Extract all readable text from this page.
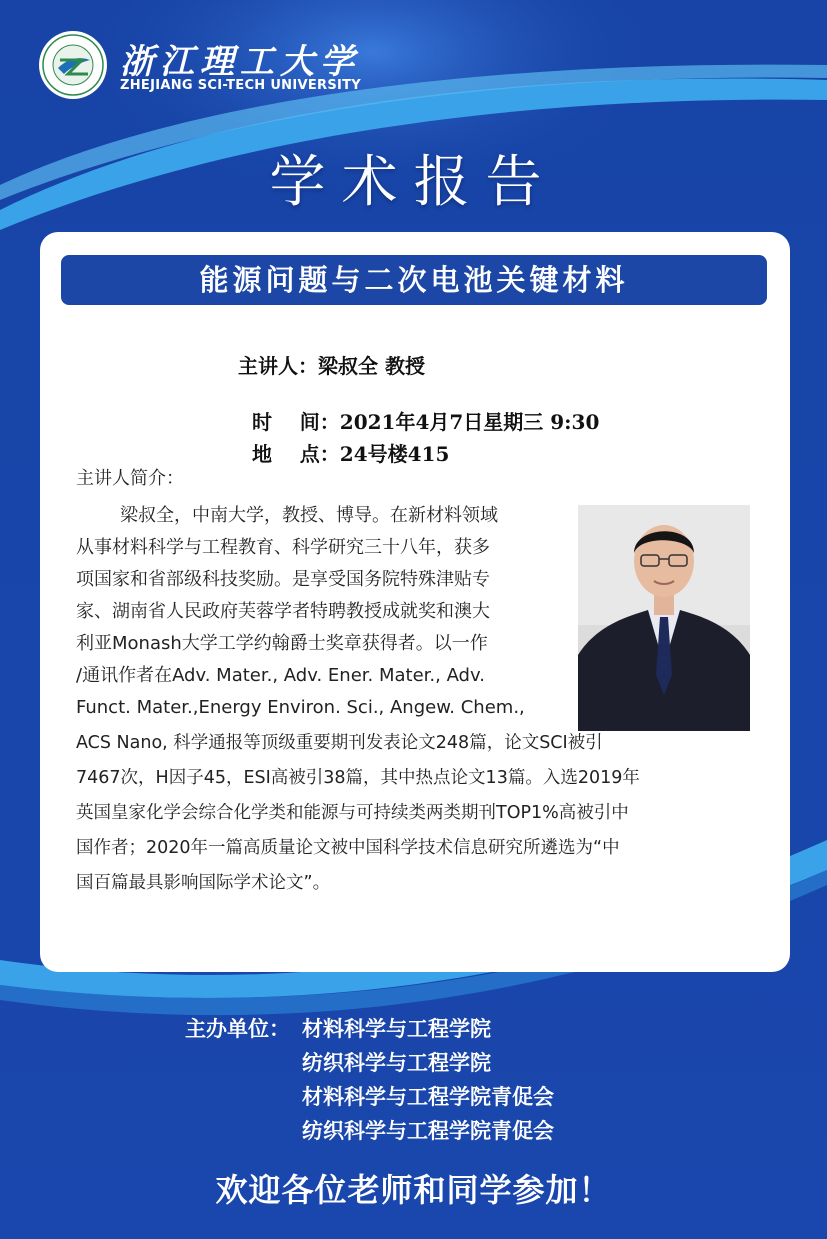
浙江理工大学
ZHEJIANG SCI-TECH UNIVERSITY
学术报告
能源问题与二次电池关键材料
主讲人：梁叔全 教授

时    间：2021年4月7日星期三 9:30

地    点：24号楼415

主讲人简介：
梁叔全，中南大学，教授、博导。在新材料领域
从事材料科学与工程教育、科学研究三十八年，获多
项国家和省部级科技奖励。是享受国务院特殊津贴专
家、湖南省人民政府芙蓉学者特聘教授成就奖和澳大
利亚Monash大学工学约翰爵士奖章获得者。以一作
/通讯作者在Adv. Mater., Adv. Ener. Mater., Adv.
Funct. Mater.,Energy Environ. Sci., Angew. Chem.,
ACS Nano, 科学通报等顶级重要期刊发表论文248篇，论文SCI被引
7467次，H因子45，ESI高被引38篇，其中热点论文13篇。入选2019年
英国皇家化学会综合化学类和能源与可持续类两类期刊TOP1%高被引中
国作者；2020年一篇高质量论文被中国科学技术信息研究所遴选为“中
国百篇最具影响国际学术论文”。
主办单位： 材料科学与工程学院
纺织科学与工程学院
材料科学与工程学院青促会
纺织科学与工程学院青促会
欢迎各位老师和同学参加！
